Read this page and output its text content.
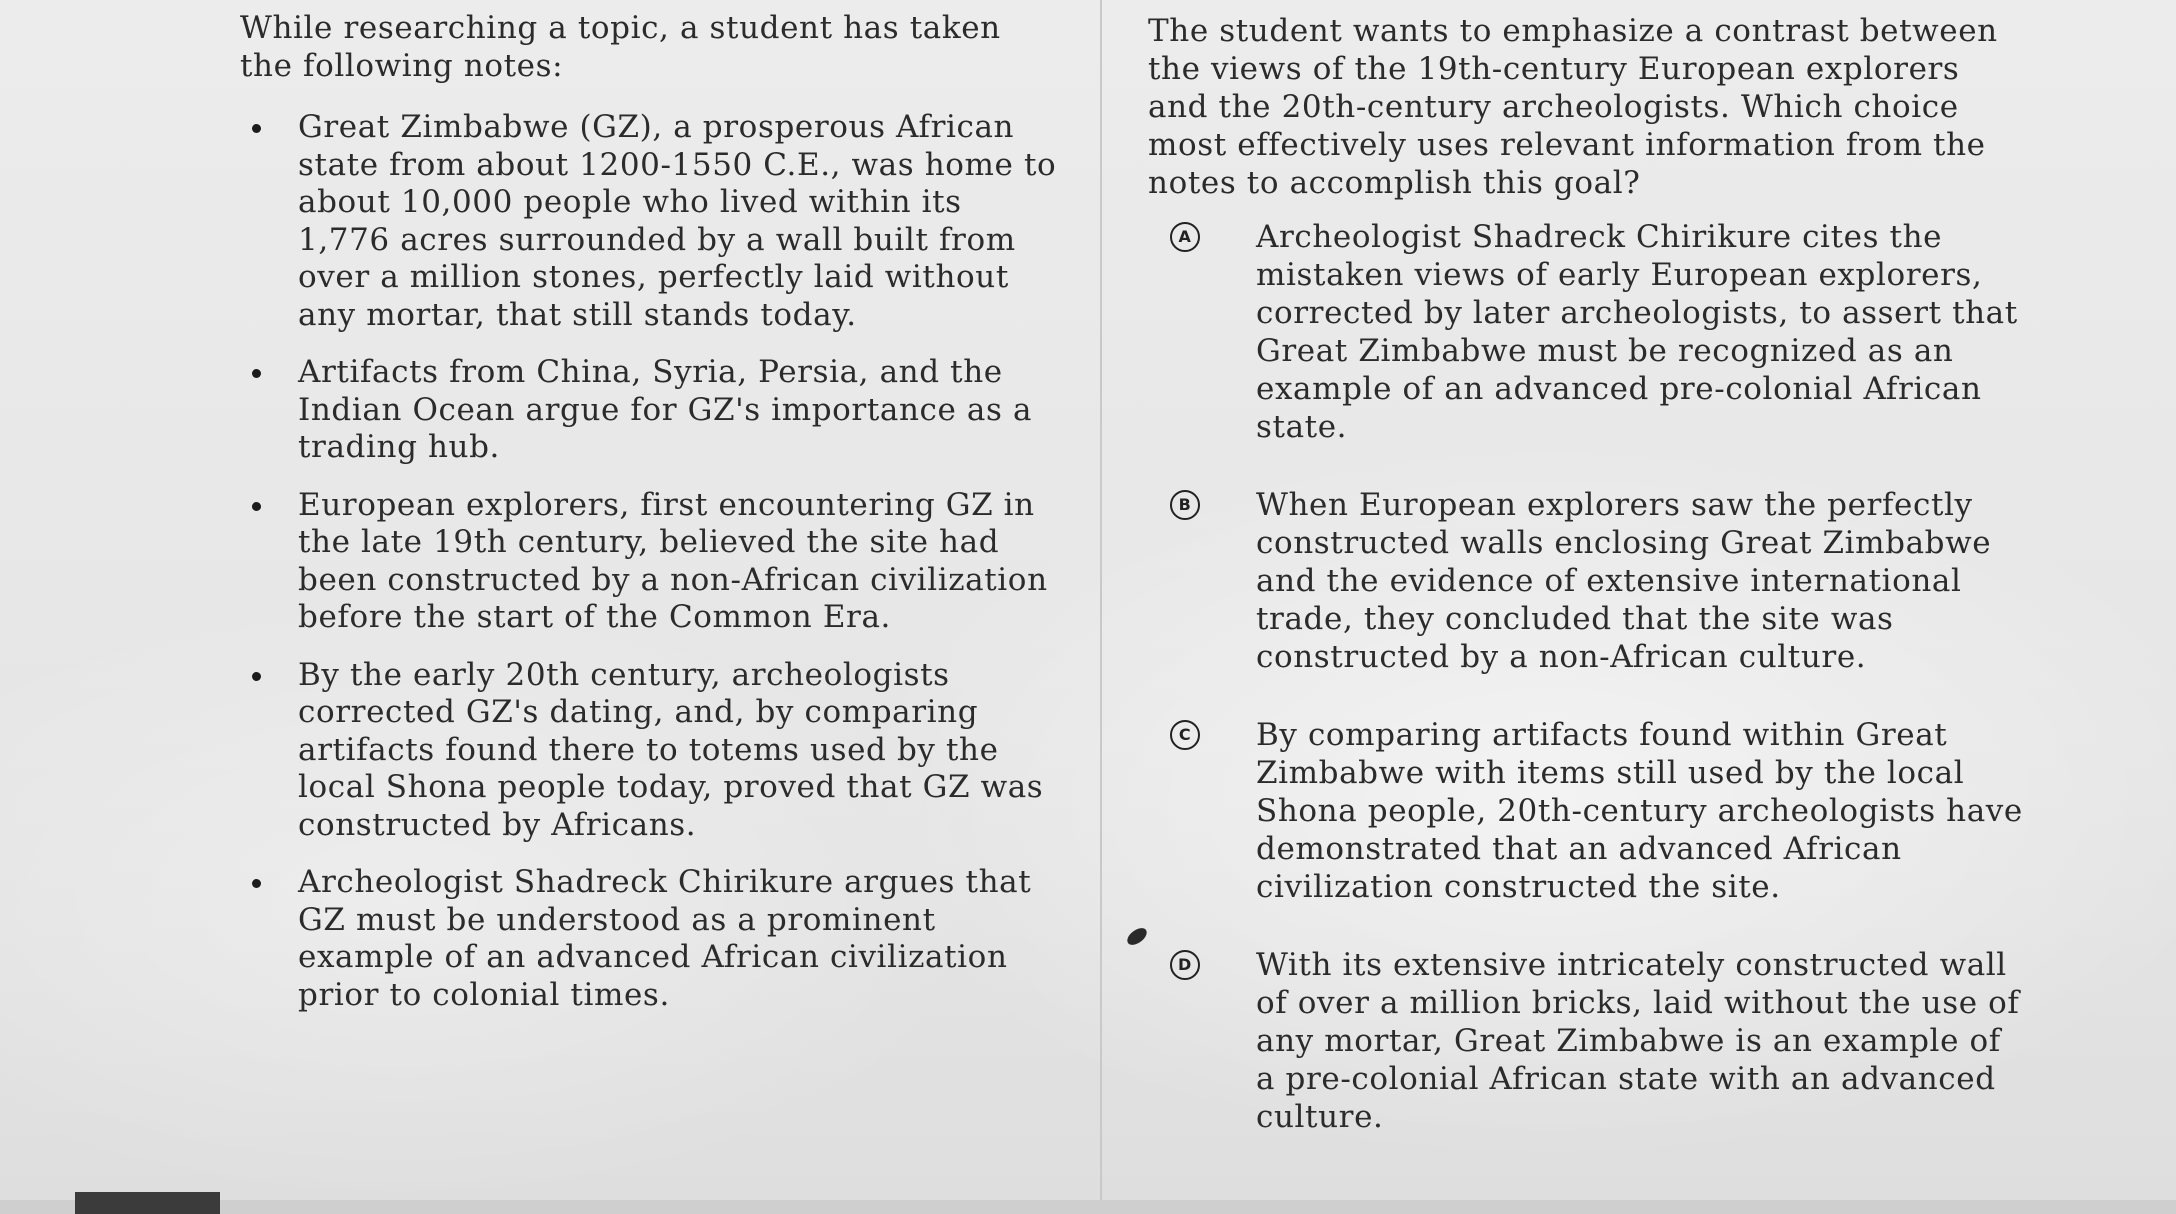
While researching a topic, a student has taken the following notes:

Great Zimbabwe (GZ), a prosperous African state from about 1200-1550 C.E., was home to about 10,000 people who lived within its 1,776 acres surrounded by a wall built from over a million stones, perfectly laid without any mortar, that still stands today.
Artifacts from China, Syria, Persia, and the Indian Ocean argue for GZ's importance as a trading hub.
European explorers, first encountering GZ in the late 19th century, believed the site had been constructed by a non-African civilization before the start of the Common Era.
By the early 20th century, archeologists corrected GZ's dating, and, by comparing artifacts found there to totems used by the local Shona people today, proved that GZ was constructed by Africans.
Archeologist Shadreck Chirikure argues that GZ must be understood as a prominent example of an advanced African civilization prior to colonial times.

The student wants to emphasize a contrast between the views of the 19th-century European explorers and the 20th-century archeologists. Which choice most effectively uses relevant information from the notes to accomplish this goal?

A Archeologist Shadreck Chirikure cites the mistaken views of early European explorers, corrected by later archeologists, to assert that Great Zimbabwe must be recognized as an example of an advanced pre-colonial African state.
B When European explorers saw the perfectly constructed walls enclosing Great Zimbabwe and the evidence of extensive international trade, they concluded that the site was constructed by a non-African culture.
C By comparing artifacts found within Great Zimbabwe with items still used by the local Shona people, 20th-century archeologists have demonstrated that an advanced African civilization constructed the site.
D With its extensive intricately constructed wall of over a million bricks, laid without the use of any mortar, Great Zimbabwe is an example of a pre-colonial African state with an advanced culture.
